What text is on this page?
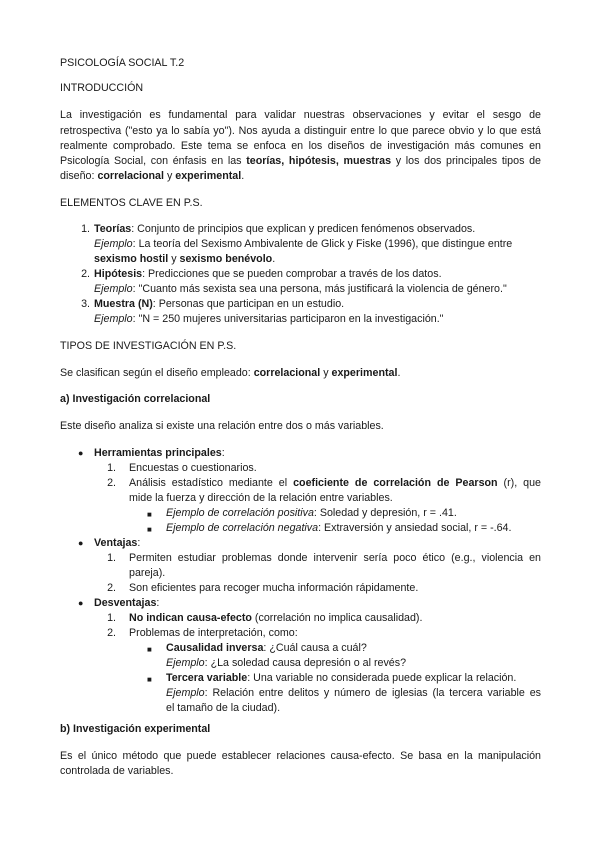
PSICOLOGÍA SOCIAL T.2
INTRODUCCIÓN
La investigación es fundamental para validar nuestras observaciones y evitar el sesgo de
retrospectiva ("esto ya lo sabía yo"). Nos ayuda a distinguir entre lo que parece obvio y lo que está
realmente comprobado. Este tema se enfoca en los diseños de investigación más comunes en
Psicología Social, con énfasis en las teorías, hipótesis, muestras y los dos principales tipos de
diseño: correlacional y experimental.
ELEMENTOS CLAVE EN P.S.
1. Teorías: Conjunto de principios que explican y predicen fenómenos observados.
Ejemplo: La teoría del Sexismo Ambivalente de Glick y Fiske (1996), que distingue entre
sexismo hostil y sexismo benévolo.
2. Hipótesis: Predicciones que se pueden comprobar a través de los datos.
Ejemplo: "Cuanto más sexista sea una persona, más justificará la violencia de género."
3. Muestra (N): Personas que participan en un estudio.
Ejemplo: "N = 250 mujeres universitarias participaron en la investigación."
TIPOS DE INVESTIGACIÓN EN P.S.
Se clasifican según el diseño empleado: correlacional y experimental.
a) Investigación correlacional
Este diseño analiza si existe una relación entre dos o más variables.
● Herramientas principales:
1. Encuestas o cuestionarios.
2. Análisis estadístico mediante el coeficiente de correlación de Pearson (r), que
mide la fuerza y dirección de la relación entre variables.
■ Ejemplo de correlación positiva: Soledad y depresión, r = .41.
■ Ejemplo de correlación negativa: Extraversión y ansiedad social, r = -.64.
● Ventajas:
1. Permiten estudiar problemas donde intervenir sería poco ético (e.g., violencia en
pareja).
2. Son eficientes para recoger mucha información rápidamente.
● Desventajas:
1. No indican causa-efecto (correlación no implica causalidad).
2. Problemas de interpretación, como:
■ Causalidad inversa: ¿Cuál causa a cuál?
Ejemplo: ¿La soledad causa depresión o al revés?
■ Tercera variable: Una variable no considerada puede explicar la relación.
Ejemplo: Relación entre delitos y número de iglesias (la tercera variable es
el tamaño de la ciudad).
b) Investigación experimental
Es el único método que puede establecer relaciones causa-efecto. Se basa en la manipulación
controlada de variables.
